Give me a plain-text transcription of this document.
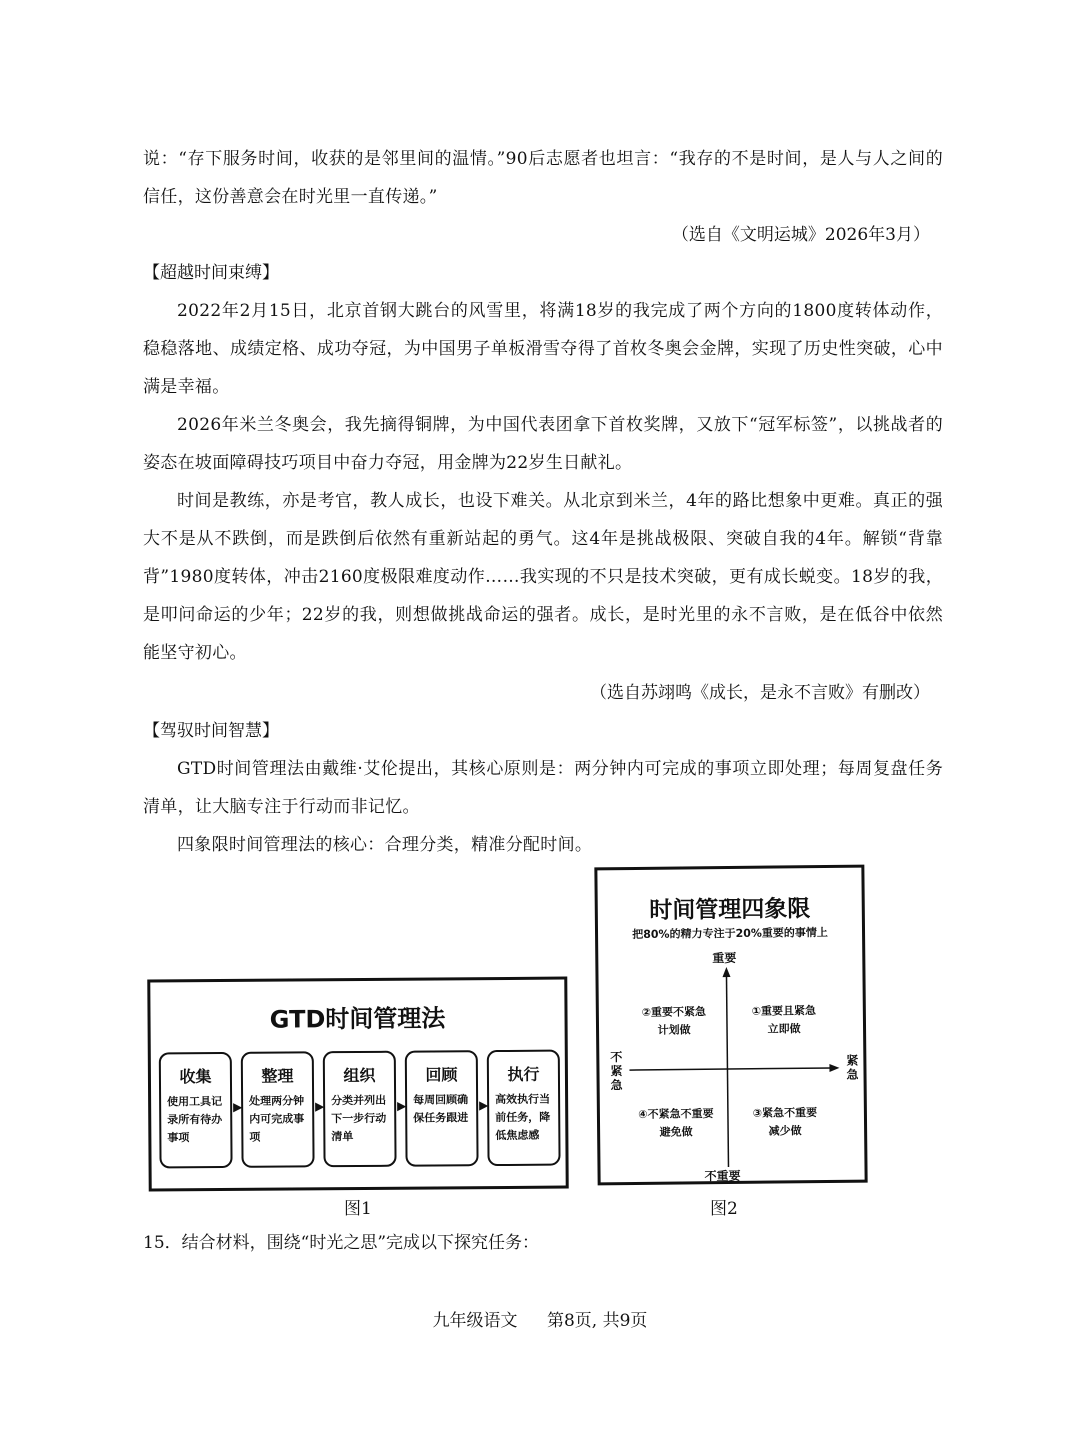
说：“存下服务时间，收获的是邻里间的温情。”90后志愿者也坦言：“我存的不是时间，是人与人之间的信任，这份善意会在时光里一直传递。”

（选自《文明运城》2026年3月）
【超越时间束缚】

2022年2月15日，北京首钢大跳台的风雪里，将满18岁的我完成了两个方向的1800度转体动作，稳稳落地、成绩定格、成功夺冠，为中国男子单板滑雪夺得了首枚冬奥会金牌，实现了历史性突破，心中满是幸福。

2026年米兰冬奥会，我先摘得铜牌，为中国代表团拿下首枚奖牌，又放下“冠军标签”，以挑战者的姿态在坡面障碍技巧项目中奋力夺冠，用金牌为22岁生日献礼。

时间是教练，亦是考官，教人成长，也设下难关。从北京到米兰，4年的路比想象中更难。真正的强大不是从不跌倒，而是跌倒后依然有重新站起的勇气。这4年是挑战极限、突破自我的4年。解锁“背靠背”1980度转体，冲击2160度极限难度动作……我实现的不只是技术突破，更有成长蜕变。18岁的我，是叩问命运的少年；22岁的我，则想做挑战命运的强者。成长，是时光里的永不言败，是在低谷中依然能坚守初心。

（选自苏翊鸣《成长，是永不言败》有删改）
【驾驭时间智慧】

GTD时间管理法由戴维·艾伦提出，其核心原则是：两分钟内可完成的事项立即处理；每周复盘任务清单，让大脑专注于行动而非记忆。

四象限时间管理法的核心：合理分类，精准分配时间。

GTD时间管理法
收集
使用工具记录所有待办事项
▶
整理
处理两分钟内可完成事项
▶
组织
分类并列出下一步行动清单
▶
回顾
每周回顾确保任务跟进
▶
执行
高效执行当前任务，降低焦虑感
图1
时间管理四象限
把80%的精力专注于20%重要的事情上
重要
不重要
不紧急
紧急
②重要不紧急
计划做
①重要且紧急
立即做
④不紧急不重要
避免做
③紧急不重要
减少做
图2
15．结合材料，围绕“时光之思”完成以下探究任务：
九年级语文 第8页, 共9页
